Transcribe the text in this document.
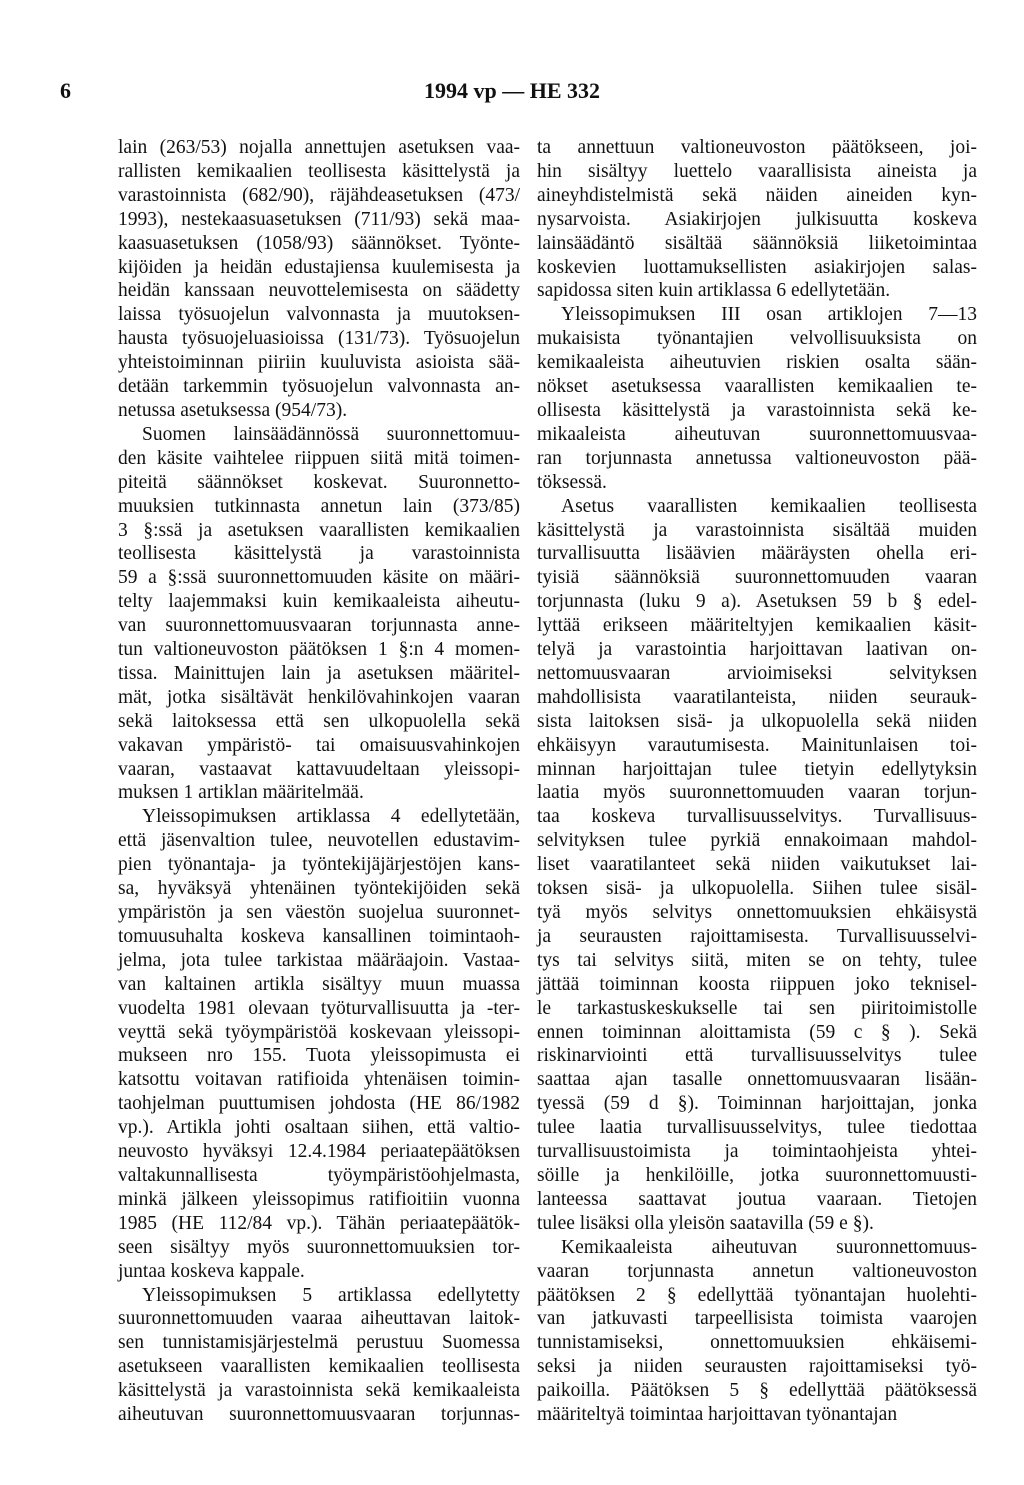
6	1994 vp — HE 332
lain (263/53) nojalla annettujen asetuksen vaa-
rallisten kemikaalien teollisesta käsittelystä ja
varastoinnista (682/90), räjähdeasetuksen (473/
1993), nestekaasuasetuksen (711/93) sekä maa-
kaasuasetuksen (1058/93) säännökset. Työnte-
kijöiden ja heidän edustajiensa kuulemisesta ja
heidän kanssaan neuvottelemisesta on säädetty
laissa työsuojelun valvonnasta ja muutoksen-
hausta työsuojeluasioissa (131/73). Työsuojelun
yhteistoiminnan piiriin kuuluvista asioista sää-
detään tarkemmin työsuojelun valvonnasta an-
netussa asetuksessa (954/73).
Suomen lainsäädännössä suuronnettomuu-
den käsite vaihtelee riippuen siitä mitä toimen-
piteitä säännökset koskevat. Suuronnetto-
muuksien tutkinnasta annetun lain (373/85)
3 §:ssä ja asetuksen vaarallisten kemikaalien
teollisesta käsittelystä ja varastoinnista
59 a §:ssä suuronnettomuuden käsite on määri-
telty laajemmaksi kuin kemikaaleista aiheutu-
van suuronnettomuusvaaran torjunnasta anne-
tun valtioneuvoston päätöksen 1 §:n 4 momen-
tissa. Mainittujen lain ja asetuksen määritel-
mät, jotka sisältävät henkilövahinkojen vaaran
sekä laitoksessa että sen ulkopuolella sekä
vakavan ympäristö- tai omaisuusvahinkojen
vaaran, vastaavat kattavuudeltaan yleissopi-
muksen 1 artiklan määritelmää.
Yleissopimuksen artiklassa 4 edellytetään,
että jäsenvaltion tulee, neuvotellen edustavim-
pien työnantaja- ja työntekijäjärjestöjen kans-
sa, hyväksyä yhtenäinen työntekijöiden sekä
ympäristön ja sen väestön suojelua suuronnet-
tomuusuhalta koskeva kansallinen toimintaoh-
jelma, jota tulee tarkistaa määräajoin. Vastaa-
van kaltainen artikla sisältyy muun muassa
vuodelta 1981 olevaan työturvallisuutta ja -ter-
veyttä sekä työympäristöä koskevaan yleissopi-
mukseen nro 155. Tuota yleissopimusta ei
katsottu voitavan ratifioida yhtenäisen toimin-
taohjelman puuttumisen johdosta (HE 86/1982
vp.). Artikla johti osaltaan siihen, että valtio-
neuvosto hyväksyi 12.4.1984 periaatepäätöksen
valtakunnallisesta työympäristöohjelmasta,
minkä jälkeen yleissopimus ratifioitiin vuonna
1985 (HE 112/84 vp.). Tähän periaatepäätök-
seen sisältyy myös suuronnettomuuksien tor-
juntaa koskeva kappale.
Yleissopimuksen 5 artiklassa edellytetty
suuronnettomuuden vaaraa aiheuttavan laitok-
sen tunnistamisjärjestelmä perustuu Suomessa
asetukseen vaarallisten kemikaalien teollisesta
käsittelystä ja varastoinnista sekä kemikaaleista
aiheutuvan suuronnettomuusvaaran torjunnas-
ta annettuun valtioneuvoston päätökseen, joi-
hin sisältyy luettelo vaarallisista aineista ja
aineyhdistelmistä sekä näiden aineiden kyn-
nysarvoista. Asiakirjojen julkisuutta koskeva
lainsäädäntö sisältää säännöksiä liiketoimintaa
koskevien luottamuksellisten asiakirjojen salas-
sapidossa siten kuin artiklassa 6 edellytetään.
Yleissopimuksen III osan artiklojen 7—13
mukaisista työnantajien velvollisuuksista on
kemikaaleista aiheutuvien riskien osalta sään-
nökset asetuksessa vaarallisten kemikaalien te-
ollisesta käsittelystä ja varastoinnista sekä ke-
mikaaleista aiheutuvan suuronnettomuusvaa-
ran torjunnasta annetussa valtioneuvoston pää-
töksessä.
Asetus vaarallisten kemikaalien teollisesta
käsittelystä ja varastoinnista sisältää muiden
turvallisuutta lisäävien määräysten ohella eri-
tyisiä säännöksiä suuronnettomuuden vaaran
torjunnasta (luku 9 a). Asetuksen 59 b § edel-
lyttää erikseen määriteltyjen kemikaalien käsit-
telyä ja varastointia harjoittavan laativan on-
nettomuusvaaran arvioimiseksi selvityksen
mahdollisista vaaratilanteista, niiden seurauk-
sista laitoksen sisä- ja ulkopuolella sekä niiden
ehkäisyyn varautumisesta. Mainitunlaisen toi-
minnan harjoittajan tulee tietyin edellytyksin
laatia myös suuronnettomuuden vaaran torjun-
taa koskeva turvallisuusselvitys. Turvallisuus-
selvityksen tulee pyrkiä ennakoimaan mahdol-
liset vaaratilanteet sekä niiden vaikutukset lai-
toksen sisä- ja ulkopuolella. Siihen tulee sisäl-
tyä myös selvitys onnettomuuksien ehkäisystä
ja seurausten rajoittamisesta. Turvallisuusselvi-
tys tai selvitys siitä, miten se on tehty, tulee
jättää toiminnan koosta riippuen joko teknisel-
le tarkastuskeskukselle tai sen piiritoimistolle
ennen toiminnan aloittamista (59 c § ). Sekä
riskinarviointi että turvallisuusselvitys tulee
saattaa ajan tasalle onnettomuusvaaran lisään-
tyessä (59 d §). Toiminnan harjoittajan, jonka
tulee laatia turvallisuusselvitys, tulee tiedottaa
turvallisuustoimista ja toimintaohjeista yhtei-
söille ja henkilöille, jotka suuronnettomuusti-
lanteessa saattavat joutua vaaraan. Tietojen
tulee lisäksi olla yleisön saatavilla (59 e §).
Kemikaaleista aiheutuvan suuronnettomuus-
vaaran torjunnasta annetun valtioneuvoston
päätöksen 2 § edellyttää työnantajan huolehti-
van jatkuvasti tarpeellisista toimista vaarojen
tunnistamiseksi, onnettomuuksien ehkäisemi-
seksi ja niiden seurausten rajoittamiseksi työ-
paikoilla. Päätöksen 5 § edellyttää päätöksessä
määriteltyä toimintaa harjoittavan työnantajan
